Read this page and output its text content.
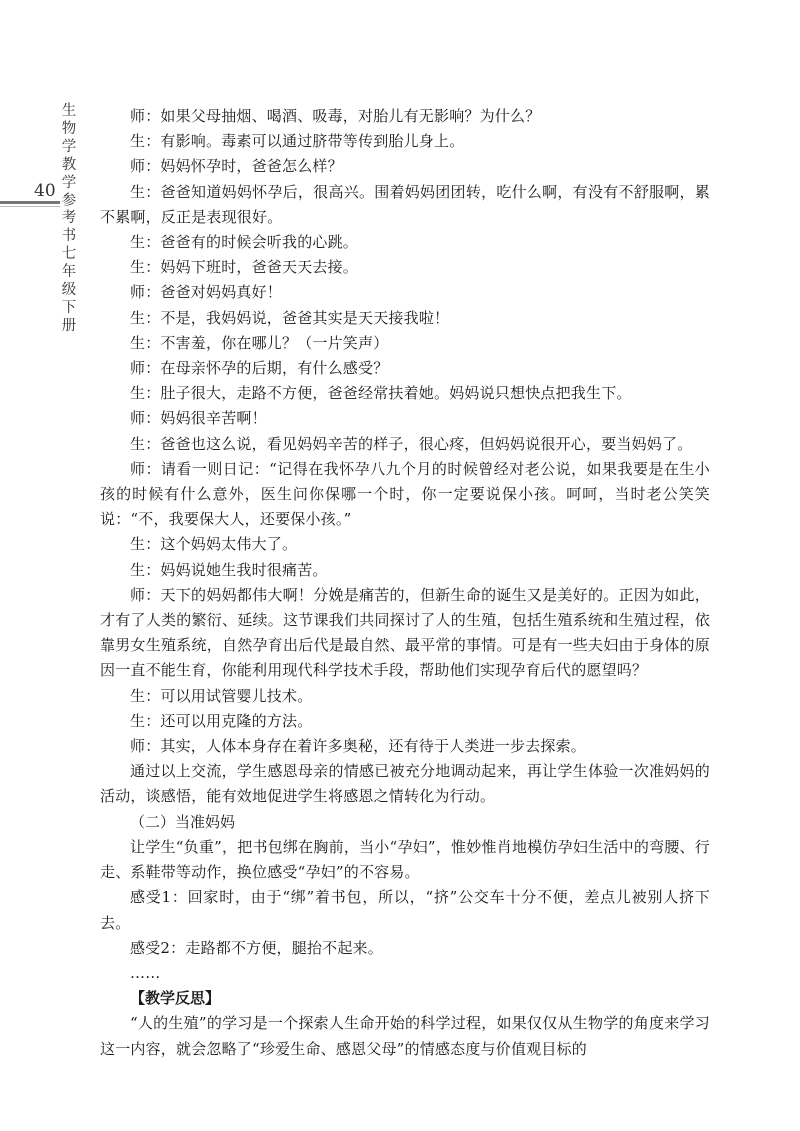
40
生物学教学参考书七年级下册

师：如果父母抽烟、喝酒、吸毒，对胎儿有无影响？为什么？

生：有影响。毒素可以通过脐带等传到胎儿身上。

师：妈妈怀孕时，爸爸怎么样？

生：爸爸知道妈妈怀孕后，很高兴。围着妈妈团团转，吃什么啊，有没有不舒服啊，累不累啊，反正是表现很好。

生：爸爸有的时候会听我的心跳。

生：妈妈下班时，爸爸天天去接。

师：爸爸对妈妈真好！

生：不是，我妈妈说，爸爸其实是天天接我啦！

生：不害羞，你在哪儿？（一片笑声）

师：在母亲怀孕的后期，有什么感受？

生：肚子很大，走路不方便，爸爸经常扶着她。妈妈说只想快点把我生下。

师：妈妈很辛苦啊！

生：爸爸也这么说，看见妈妈辛苦的样子，很心疼，但妈妈说很开心，要当妈妈了。

师：请看一则日记：“记得在我怀孕八九个月的时候曾经对老公说，如果我要是在生小孩的时候有什么意外，医生问你保哪一个时，你一定要说保小孩。呵呵，当时老公笑笑说：“不，我要保大人，还要保小孩。”

生：这个妈妈太伟大了。

生：妈妈说她生我时很痛苦。

师：天下的妈妈都伟大啊！分娩是痛苦的，但新生命的诞生又是美好的。正因为如此，才有了人类的繁衍、延续。这节课我们共同探讨了人的生殖，包括生殖系统和生殖过程，依靠男女生殖系统，自然孕育出后代是最自然、最平常的事情。可是有一些夫妇由于身体的原因一直不能生育，你能利用现代科学技术手段，帮助他们实现孕育后代的愿望吗？

生：可以用试管婴儿技术。

生：还可以用克隆的方法。

师：其实，人体本身存在着许多奥秘，还有待于人类进一步去探索。

通过以上交流，学生感恩母亲的情感已被充分地调动起来，再让学生体验一次准妈妈的活动，谈感悟，能有效地促进学生将感恩之情转化为行动。

（二）当准妈妈

让学生“负重”，把书包绑在胸前，当小“孕妇”，惟妙惟肖地模仿孕妇生活中的弯腰、行走、系鞋带等动作，换位感受“孕妇”的不容易。

感受1：回家时，由于“绑”着书包，所以，“挤”公交车十分不便，差点儿被别人挤下去。

感受2：走路都不方便，腿抬不起来。

……

【教学反思】

“人的生殖”的学习是一个探索人生命开始的科学过程，如果仅仅从生物学的角度来学习这一内容，就会忽略了“珍爱生命、感恩父母”的情感态度与价值观目标的
